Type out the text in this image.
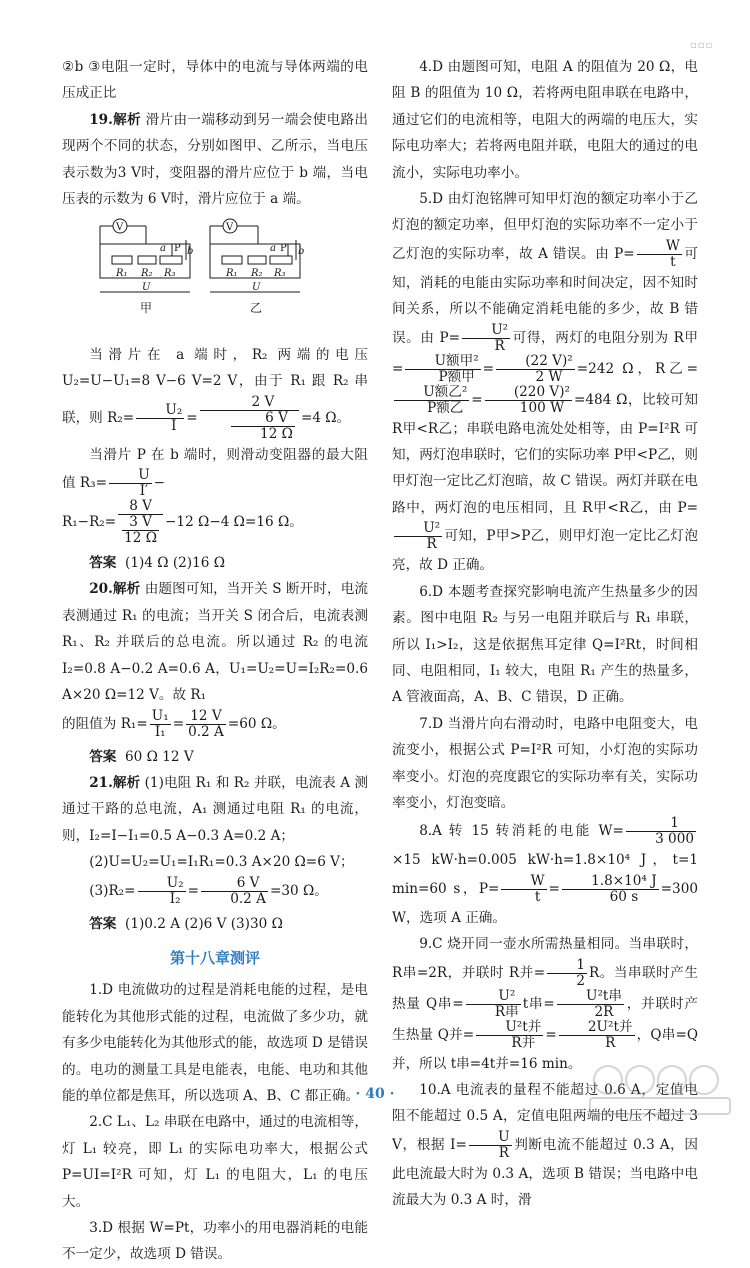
▫▫▫

②b ③电阻一定时，导体中的电流与导体两端的电压成正比

19.解析 滑片由一端移动到另一端会使电路出现两个不同的状态，分别如图甲、乙所示，当电压表示数为3 V时，变阻器的滑片应位于 b 端，当电压表的示数为 6 V时，滑片应位于 a 端。

V	V
R₁ R₂ R₃
a P b
R₁ R₂ R₃
a P b
U	U
甲	乙

当滑片在 a 端时，R₂ 两端的电压 U₂=U−U₁=8 V−6 V=2 V，由于 R₁ 跟 R₂ 串联，则 $R_2= \frac{\text{U₂}}{I} = \frac{2 V}{\frac{6 V}{12 \Omega}} =4$ Ω。

当滑片 P 在 b 端时，则滑动变阻器的最大阻值 $R_3= \frac{U}{I'}$ −

$R_1-R_2= \frac{8 V}{\frac{3 V}{12 \Omega}} -12$ Ω−4 Ω=16 Ω。

答案 (1)4 Ω (2)16 Ω

20.解析 由题图可知，当开关 S 断开时，电流表测通过 R₁ 的电流；当开关 S 闭合后，电流表测 R₁、R₂ 并联后的总电流。所以通过 R₂ 的电流 I₂=0.8 A−0.2 A=0.6 A，U₁=U₂=U=I₂R₂=0.6 A×20 Ω=12 V。故 R₁

的阻值为 $R_1= \frac{\text{U₁}}{\text{I₁}} = \frac{12 V}{0.2 A} =60$ Ω。

答案 60 Ω 12 V

21.解析 (1)电阻 R₁ 和 R₂ 并联，电流表 A 测通过干路的总电流，A₁ 测通过电阻 R₁ 的电流，则，I₂=I−I₁=0.5 A−0.3 A=0.2 A；

(2)U=U₂=U₁=I₁R₁=0.3 A×20 Ω=6 V；

$(3)R_2= \frac{\text{U₂}}{\text{I₂}} = \frac{6 V}{0.2 A} =30$ Ω。

答案 (1)0.2 A (2)6 V (3)30 Ω

第十八章测评

1.D 电流做功的过程是消耗电能的过程，是电能转化为其他形式能的过程，电流做了多少功，就有多少电能转化为其他形式的能，故选项 D 是错误的。电功的测量工具是电能表，电能、电功和其他能的单位都是焦耳，所以选项 A、B、C 都正确。

2.C L₁、L₂ 串联在电路中，通过的电流相等，灯 L₁ 较亮，即 L₁ 的实际电功率大，根据公式 P=UI=I²R 可知，灯 L₁ 的电阻大，L₁ 的电压大。

3.D 根据 W=Pt，功率小的用电器消耗的电能不一定少，故选项 D 错误。

4.D 由题图可知，电阻 A 的阻值为 20 Ω，电阻 B 的阻值为 10 Ω，若将两电阻串联在电路中，通过它们的电流相等，电阻大的两端的电压大，实际电功率大；若将两电阻并联，电阻大的通过的电流小，实际电功率小。

5.D 由灯泡铭牌可知甲灯泡的额定功率小于乙灯泡的额定功率，但甲灯泡的实际功率不一定小于乙灯泡的实际功率，故 A 错误。由 $P= \frac{W}{t}$ 可知，消耗的电能由实际功率和时间决定，因不知时间关系，所以不能确定消耗电能的多少，故 B 错误。由 $P= \frac{\text{U²}}{R}$ 可得，两灯的电阻分别为 R甲= $\frac{\text{U额甲²}}{\text{P额甲}} = \frac{\text{(22 V)²}}{2 W} =242$ Ω，R乙=
$\frac{\text{U额乙²}}{\text{P额乙}} = \frac{\text{(220 V)²}}{100 W} =484$ Ω，比较可知 R甲<R乙；串联电路电流处处相等，由 P=I²R 可知，两灯泡串联时，它们的实际功率 P甲<P乙，则甲灯泡一定比乙灯泡暗，故 C 错误。两灯并联在电路中，两灯泡的电压相同，且 R甲<R乙，由 P=
$\frac{\text{U²}}{R}$ 可知，P甲>P乙，则甲灯泡一定比乙灯泡亮，故 D 正确。

6.D 本题考查探究影响电流产生热量多少的因素。图中电阻 R₂ 与另一电阻并联后与 R₁ 串联，所以 I₁>I₂，这是依据焦耳定律 Q=I²Rt，时间相同、电阻相同，I₁ 较大，电阻 R₁ 产生的热量多，A 管液面高，A、B、C 错误，D 正确。

7.D 当滑片向右滑动时，电路中电阻变大，电流变小，根据公式 P=I²R 可知，小灯泡的实际功率变小。灯泡的亮度跟它的实际功率有关，实际功率变小，灯泡变暗。

8.A 转 15 转消耗的电能 $W= \frac{1}{3 000}$
×15 kW·h=0.005 kW·h=1.8×10⁴ J，t=1 min=60 s，$P= \frac{W}{t} = \frac{\text{1.8×10⁴ J}}{60 s} =300$ W，选项 A 正确。

9.C 烧开同一壶水所需热量相同。当串联时，R串=2R，并联时 R并= $\frac{1}{2}$ R。当串联时产生热量 Q串= $\frac{\text{U²}}{\text{R串}}$ t串= $\frac{\text{U²t串}}{2R}$ ，并联时产生热量 Q并= $\frac{\text{U²t并}}{\text{R并}} = \frac{\text{2U²t并}}{R}$ ，Q串=Q并，所以 t串=4t并=16 min。

10.A 电流表的量程不能超过 0.6 A，定值电阻不能超过 0.5 A，定值电阻两端的电压不超过 3 V，根据 $I= \frac{U}{R}$ 判断电流不能超过 0.3 A，因此电流最大时为 0.3 A，选项 B 错误；当电路中电流最大为 0.3 A 时，滑

· 40 ·
